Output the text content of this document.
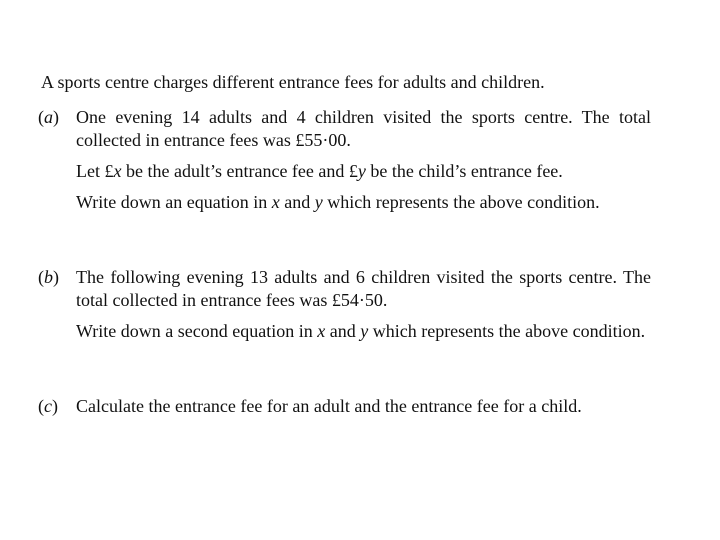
A sports centre charges different entrance fees for adults and children.
(a) One evening 14 adults and 4 children visited the sports centre. The total collected in entrance fees was £55·00.

Let £x be the adult’s entrance fee and £y be the child’s entrance fee.

Write down an equation in x and y which represents the above condition.

(b) The following evening 13 adults and 6 children visited the sports centre. The total collected in entrance fees was £54·50.

Write down a second equation in x and y which represents the above condition.

(c) Calculate the entrance fee for an adult and the entrance fee for a child.
